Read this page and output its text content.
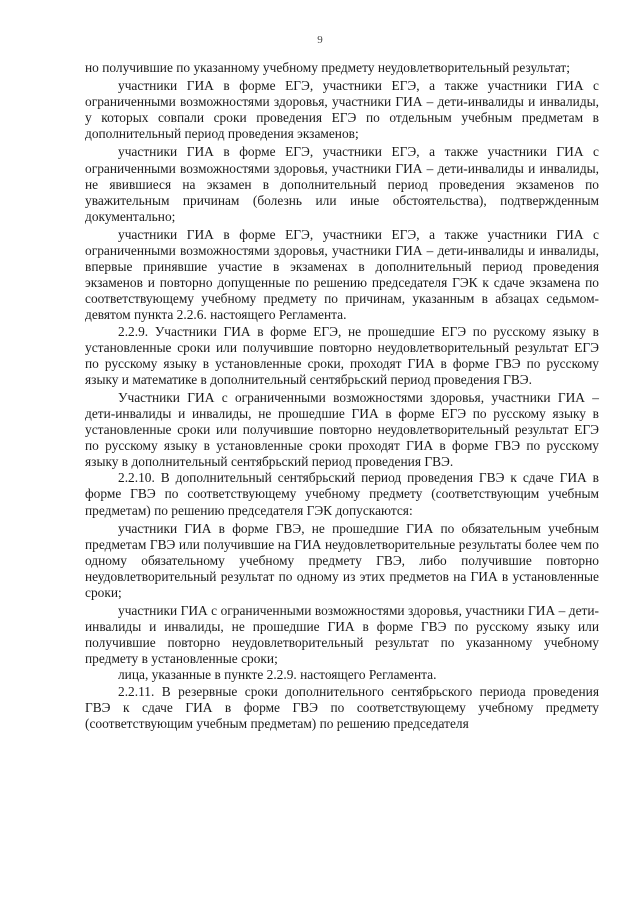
9

но получившие по указанному учебному предмету неудовлетворительный результат;

участники ГИА в форме ЕГЭ, участники ЕГЭ, а также участники ГИА с ограниченными возможностями здоровья, участники ГИА – дети-инвалиды и инвалиды, у которых совпали сроки проведения ЕГЭ по отдельным учебным предметам в дополнительный период проведения экзаменов;

участники ГИА в форме ЕГЭ, участники ЕГЭ, а также участники ГИА с ограниченными возможностями здоровья, участники ГИА – дети-инвалиды и инвалиды, не явившиеся на экзамен в дополнительный период проведения экзаменов по уважительным причинам (болезнь или иные обстоятельства), подтвержденным документально;

участники ГИА в форме ЕГЭ, участники ЕГЭ, а также участники ГИА с ограниченными возможностями здоровья, участники ГИА – дети-инвалиды и инвалиды, впервые принявшие участие в экзаменах в дополнительный период проведения экзаменов и повторно допущенные по решению председателя ГЭК к сдаче экзамена по соответствующему учебному предмету по причинам, указанным в абзацах седьмом-девятом пункта 2.2.6. настоящего Регламента.

2.2.9. Участники ГИА в форме ЕГЭ, не прошедшие ЕГЭ по русскому языку в установленные сроки или получившие повторно неудовлетворительный результат ЕГЭ по русскому языку в установленные сроки, проходят ГИА в форме ГВЭ по русскому языку и математике в дополнительный сентябрьский период проведения ГВЭ.

Участники ГИА с ограниченными возможностями здоровья, участники ГИА – дети-инвалиды и инвалиды, не прошедшие ГИА в форме ЕГЭ по русскому языку в установленные сроки или получившие повторно неудовлетворительный результат ЕГЭ по русскому языку в установленные сроки проходят ГИА в форме ГВЭ по русскому языку в дополнительный сентябрьский период проведения ГВЭ.

2.2.10. В дополнительный сентябрьский период проведения ГВЭ к сдаче ГИА в форме ГВЭ по соответствующему учебному предмету (соответствующим учебным предметам) по решению председателя ГЭК допускаются:

участники ГИА в форме ГВЭ, не прошедшие ГИА по обязательным учебным предметам ГВЭ или получившие на ГИА неудовлетворительные результаты более чем по одному обязательному учебному предмету ГВЭ, либо получившие повторно неудовлетворительный результат по одному из этих предметов на ГИА в установленные сроки;

участники ГИА с ограниченными возможностями здоровья, участники ГИА – дети-инвалиды и инвалиды, не прошедшие ГИА в форме ГВЭ по русскому языку или получившие повторно неудовлетворительный результат по указанному учебному предмету в установленные сроки;

лица, указанные в пункте 2.2.9. настоящего Регламента.

2.2.11. В резервные сроки дополнительного сентябрьского периода проведения ГВЭ к сдаче ГИА в форме ГВЭ по соответствующему учебному предмету (соответствующим учебным предметам) по решению председателя
